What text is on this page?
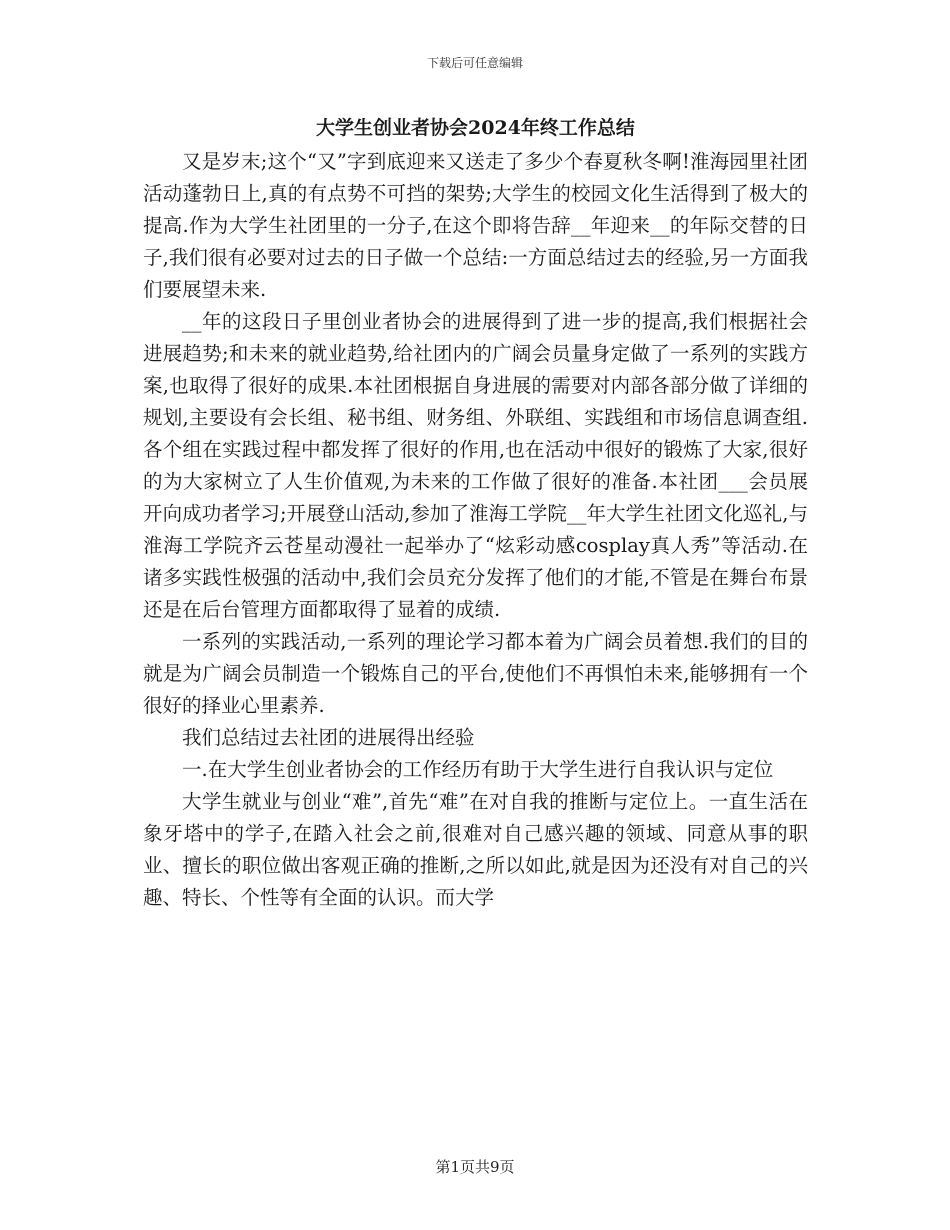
下载后可任意编辑
大学生创业者协会2024年终工作总结

又是岁末;这个“又”字到底迎来又送走了多少个春夏秋冬啊!淮海园里社团活动蓬勃日上,真的有点势不可挡的架势;大学生的校园文化生活得到了极大的提高.作为大学生社团里的一分子,在这个即将告辞__年迎来__的年际交替的日子,我们很有必要对过去的日子做一个总结:一方面总结过去的经验,另一方面我们要展望未来.

__年的这段日子里创业者协会的进展得到了进一步的提高,我们根据社会进展趋势;和未来的就业趋势,给社团内的广阔会员量身定做了一系列的实践方案,也取得了很好的成果.本社团根据自身进展的需要对内部各部分做了详细的规划,主要设有会长组、秘书组、财务组、外联组、实践组和市场信息调查组.各个组在实践过程中都发挥了很好的作用,也在活动中很好的锻炼了大家,很好的为大家树立了人生价值观,为未来的工作做了很好的准备.本社团___会员展开向成功者学习;开展登山活动,参加了淮海工学院__年大学生社团文化巡礼,与淮海工学院齐云苍星动漫社一起举办了“炫彩动感cosplay真人秀”等活动.在诸多实践性极强的活动中,我们会员充分发挥了他们的才能,不管是在舞台布景还是在后台管理方面都取得了显着的成绩.

一系列的实践活动,一系列的理论学习都本着为广阔会员着想.我们的目的就是为广阔会员制造一个锻炼自己的平台,使他们不再惧怕未来,能够拥有一个很好的择业心里素养.

我们总结过去社团的进展得出经验

一.在大学生创业者协会的工作经历有助于大学生进行自我认识与定位

大学生就业与创业“难”,首先“难”在对自我的推断与定位上。一直生活在象牙塔中的学子,在踏入社会之前,很难对自己感兴趣的领域、同意从事的职业、擅长的职位做出客观正确的推断,之所以如此,就是因为还没有对自己的兴趣、特长、个性等有全面的认识。而大学

第1页共9页
